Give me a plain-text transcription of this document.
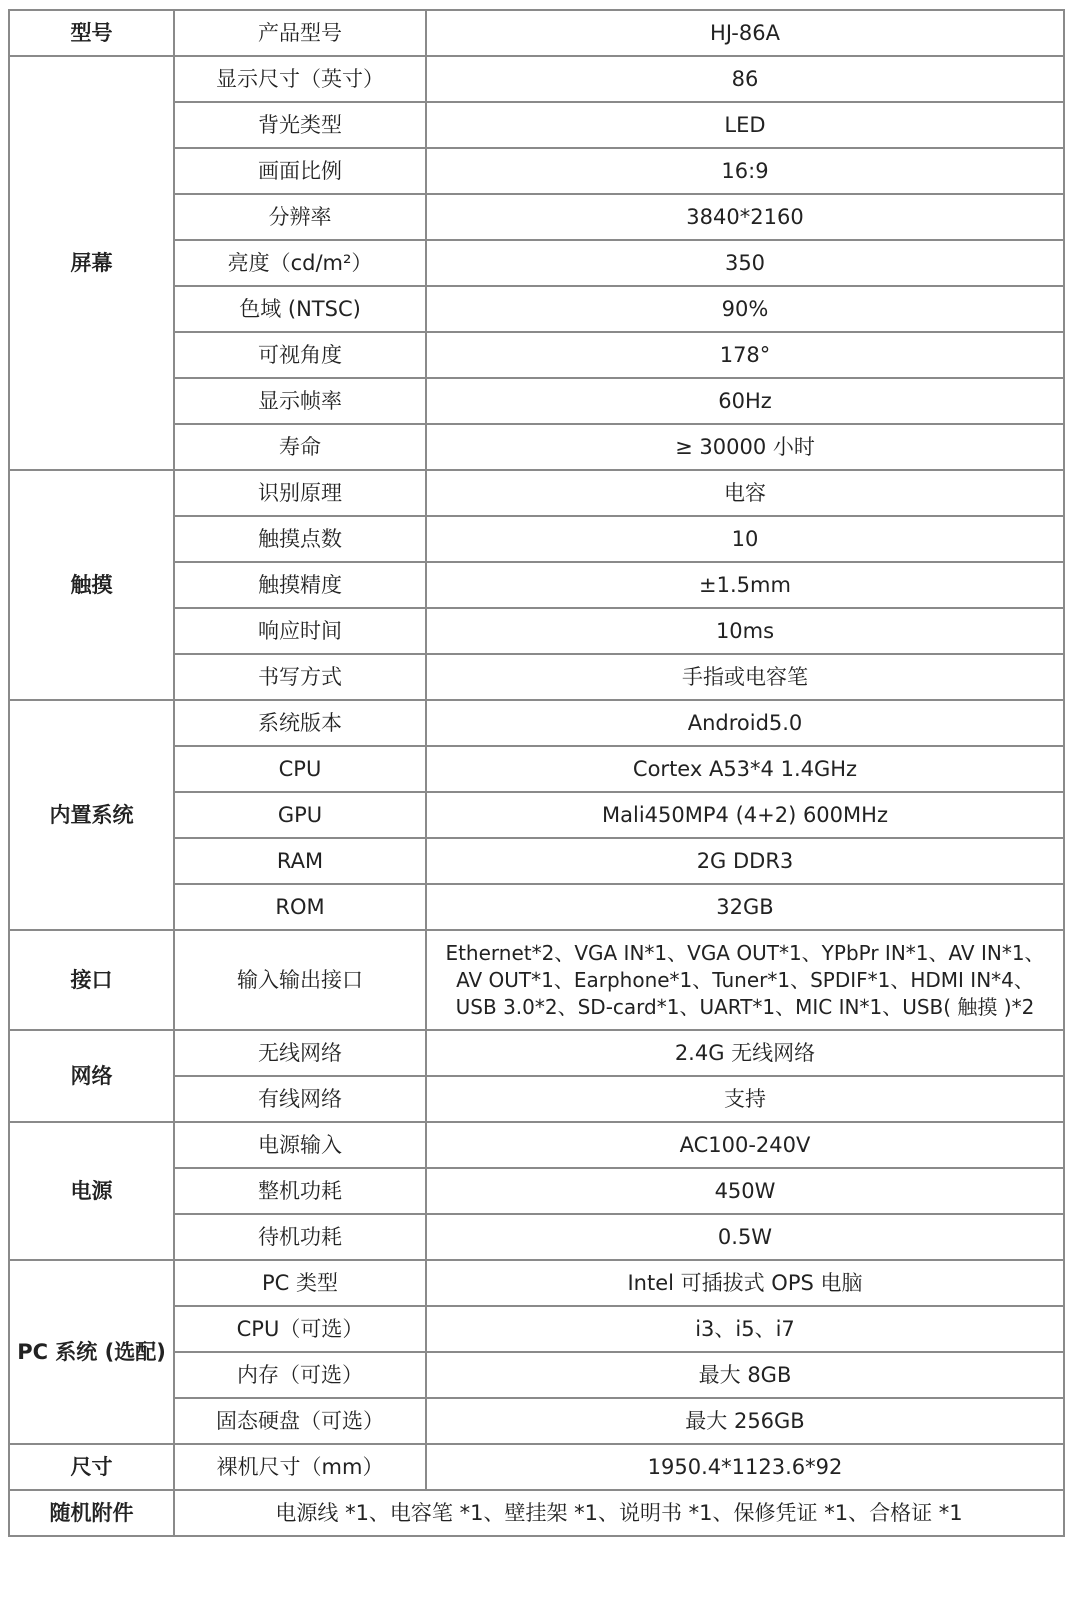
型号	产品型号	HJ-86A
屏幕	显示尺寸（英寸）	86
	背光类型	LED
	画面比例	16:9
	分辨率	3840*2160
	亮度（cd/m²）	350
	色域 (NTSC)	90%
	可视角度	178°
	显示帧率	60Hz
	寿命	≥ 30000 小时
触摸	识别原理	电容
	触摸点数	10
	触摸精度	±1.5mm
	响应时间	10ms
	书写方式	手指或电容笔
内置系统	系统版本	Android5.0
	CPU	Cortex A53*4 1.4GHz
	GPU	Mali450MP4 (4+2) 600MHz
	RAM	2G DDR3
	ROM	32GB
接口	输入输出接口	Ethernet*2、VGA IN*1、VGA OUT*1、YPbPr IN*1、AV IN*1、
AV OUT*1、Earphone*1、Tuner*1、SPDIF*1、HDMI IN*4、
USB 3.0*2、SD-card*1、UART*1、MIC IN*1、USB( 触摸 )*2

网络	无线网络	2.4G 无线网络
	有线网络	支持
电源	电源输入	AC100-240V
	整机功耗	450W
	待机功耗	0.5W
PC 系统 (选配)	PC 类型	Intel 可插拔式 OPS 电脑
	CPU（可选）	i3、i5、i7
	内存（可选）	最大 8GB
	固态硬盘（可选）	最大 256GB
尺寸	裸机尺寸（mm）	1950.4*1123.6*92
随机附件	电源线 *1、电容笔 *1、壁挂架 *1、说明书 *1、保修凭证 *1、合格证 *1	
